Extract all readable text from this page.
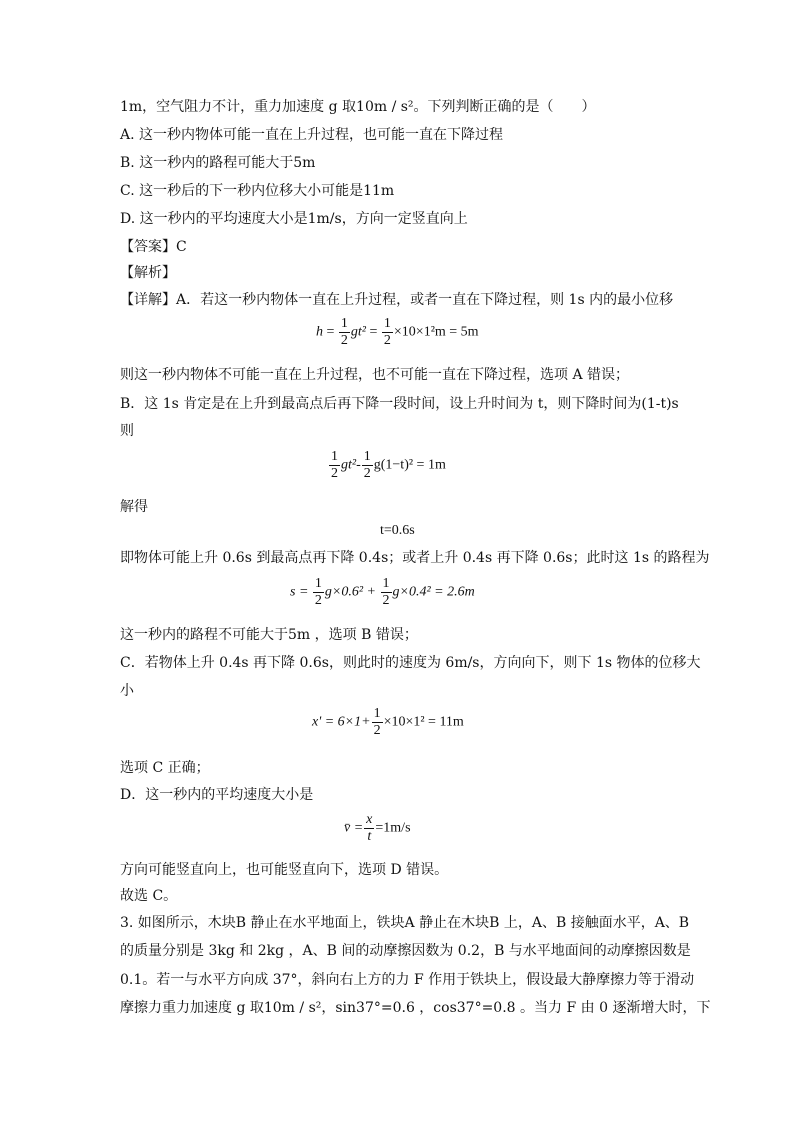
1m，空气阻力不计，重力加速度 g 取10m / s²。下列判断正确的是（　　）
A. 这一秒内物体可能一直在上升过程，也可能一直在下降过程
B. 这一秒内的路程可能大于5m
C. 这一秒后的下一秒内位移大小可能是11m
D. 这一秒内的平均速度大小是1m/s，方向一定竖直向上
【答案】C
【解析】
【详解】A．若这一秒内物体一直在上升过程，或者一直在下降过程，则 1s 内的最小位移
$h = \frac{1}{2} gt^2 = \frac{1}{2} \times 10\times 1^2m = 5m$
则这一秒内物体不可能一直在上升过程，也不可能一直在下降过程，选项 A 错误；
B．这 1s 肯定是在上升到最高点后再下降一段时间，设上升时间为 t，则下降时间为(1-t)s
则
$\frac{1}{2} gt^2- \frac{1}{2} g(1-t)^2 = 1m$
解得
t=0.6s
即物体可能上升 0.6s 到最高点再下降 0.4s；或者上升 0.4s 再下降 0.6s；此时这 1s 的路程为
$s = \frac{1}{2} g\times 0.6^2 + \frac{1}{2} g\times 0.4^2 = 2.6m$
这一秒内的路程不可能大于5m ，选项 B 错误；
C．若物体上升 0.4s 再下降 0.6s，则此时的速度为 6m/s，方向向下，则下 1s 物体的位移大
小
$x' = 6\times 1+ \frac{1}{2} \times 10\times 1^2 = 11m$
选项 C 正确；
D．这一秒内的平均速度大小是
v̄ = $\frac{x}{t} =1m/s$
方向可能竖直向上，也可能竖直向下，选项 D 错误。
故选 C。
3. 如图所示，木块B 静止在水平地面上，铁块A 静止在木块B 上，A、B 接触面水平，A、B
的质量分别是 3kg 和 2kg ，A、B 间的动摩擦因数为 0.2，B 与水平地面间的动摩擦因数是
0.1。若一与水平方向成 37°，斜向右上方的力 F 作用于铁块上，假设最大静摩擦力等于滑动
摩擦力重力加速度 g 取10m / s²，sin37°=0.6 ，cos37°=0.8 。当力 F 由 0 逐渐增大时，下
